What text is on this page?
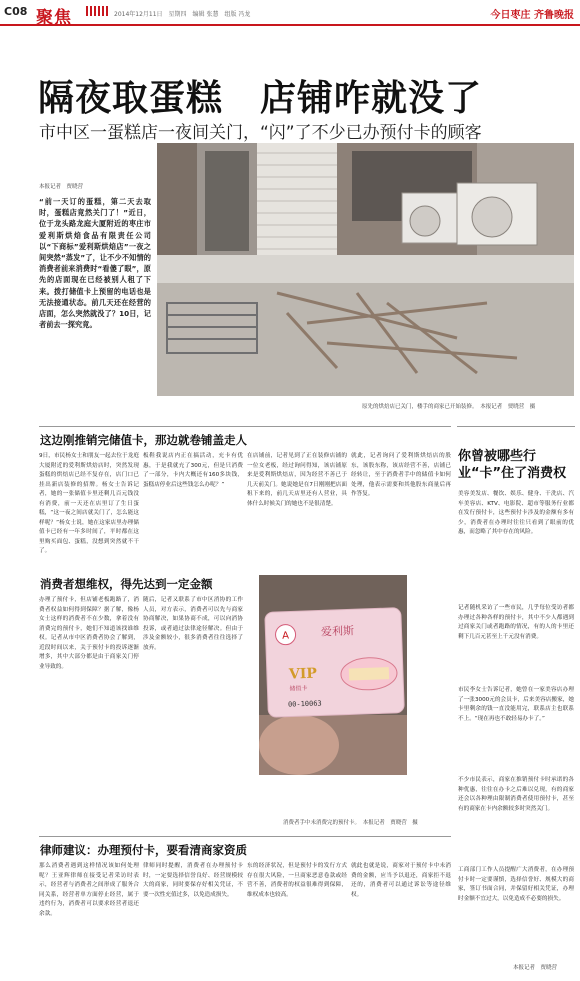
C08 聚焦	2014年12月11日　星期四　编辑 张慧　组版 冯龙	今日枣庄 齐鲁晚报
隔夜取蛋糕　店铺咋就没了
市中区一蛋糕店一夜间关门，“闪”了不少已办预付卡的顾客
本报记者　贾晓营
“前一天订的蛋糕，第二天去取时，蛋糕店竟然关门了！”近日，位于龙头路龙庭大厦附近的枣庄市爱利斯烘焙食品有限责任公司以“下商标”爱利斯烘焙店”一夜之间突然“蒸发”了，让不少不知情的消费者前来消费时“看傻了眼”，原先的店面现在已经被别人租了下来。拨打储值卡上预留的电话也是无法接通状态。前几天还在经营的店面，怎么突然就没了？10日，记者前去一探究竟。
原先的烘焙店已关门，楼手的商家已开始装修。　本报记者　贾晓营　摄
这边刚推销完储值卡，那边就卷铺盖走人
9日，市民杨女士和朋友一起去位于龙庭大厦附近的爱利斯烘焙店时，突然发现蛋糕的烘焙店已经不复存在，店门口已挂出新店装修的招牌。杨女士告诉记者，她的一张储值卡里还剩几百元钱没有消费，前一天还在店里订了生日蛋糕，“这一夜之间店就关门了，怎么能这样呢？”杨女士说，她在这家店里办理储值卡已经有一年多时间了，平时都在这里购买面包、蛋糕，没想到突然就不干了。
板鞋我说店内正在搞活动，充卡有优惠，于是我就充了300元，但是只消费了一部分，卡内大概还有160多块钱，蛋糕店停业后这些钱怎么办呢？”
在店铺前，记者见到了正在装修店铺的一位女老板，经过询问得知，该店铺原来是爱利斯烘焙店，因为经营不善已于几天前关门。她说她是在7日刚刚把店面租下来的，前几天店里还有人营业，具体什么时候关门的她也不是很清楚。
就此，记者询问了爱利斯烘焙店的股东，该股东称，该店经营不善，店铺已经转让，至于消费者手中的储值卡如何处理，他表示需要和其他股东商量后再作答复。
消费者想维权，得先达到一定金额
办理了预付卡，但店铺老板跑路了，消费者权益如何得到保障？据了解，像杨女士这样的消费者不在少数，拿着没有消费完的预付卡，她们不知道该找谁维权。记者从市中区消费者协会了解到，近段时间以来，关于预付卡的投诉逐渐增多，其中大部分都是由于商家关门停业导致的。
随后，记者又联系了市中区消协的工作人员，对方表示，消费者可以先与商家协商解决，如果协商不成，可以向消协投诉，或者通过法律途径解决。但由于涉及金额较小，很多消费者往往选择了放弃。
A	爱利斯
VIP
储值卡
00-10063
消费者手中未消费完的预付卡。　本报记者　贾晓营　摄
律师建议：办理预付卡，要看清商家资质
那么消费者遇到这样情况该如何处理呢？王亚辉律师在接受记者采访时表示，经营者与消费者之间形成了服务合同关系，经营者单方面停止经营，属于违约行为，消费者可以要求经营者退还余款。
律师同时提醒，消费者在办理预付卡时，一定要选择信誉良好、经营规模较大的商家，同时要保存好相关凭证，不要一次性充值过多，以免造成损失。
东的经济状况，但是预付卡的发行方式存在很大风险，一旦商家恶意卷款或经营不善，消费者的权益很难得到保障，维权成本也较高。
就此也就是说，商家对于预付卡中未消费的金额，应当予以退还，商家拒不退还的，消费者可以通过诉讼等途径维权。
你曾被哪些行业“卡”住了消费权
美容美发店、餐饮、娱乐、健身、干洗店、汽车美容店、KTV、电影院、超市等服务行业都在发行预付卡，这些预付卡涉及的金额有多有少，消费者在办理时往往只看到了眼前的优惠，而忽略了其中存在的风险。
记者随机采访了一些市民，几乎每位受访者都办理过各种各样的预付卡，其中不少人都遇到过商家关门或者跑路的情况，有的人的卡里还剩下几百元甚至上千元没有消费。
市民李女士告诉记者，她曾在一家美容店办理了一张3000元的会员卡，后来美容店搬家，她卡里剩余的钱一直没能用完，联系店主也联系不上。“现在再也不敢轻易办卡了。”
不少市民表示，商家在推销预付卡时承诺的各种优惠，往往在办卡之后难以兑现，有的商家还会以各种理由限制消费者使用预付卡，甚至有的商家在卡内余额较多时突然关门。
工商部门工作人员提醒广大消费者，在办理预付卡时一定要谨慎，选择信誉好、规模大的商家，签订书面合同，并保留好相关凭证，办理时金额不宜过大，以免造成不必要的损失。
本报记者　贾晓营
